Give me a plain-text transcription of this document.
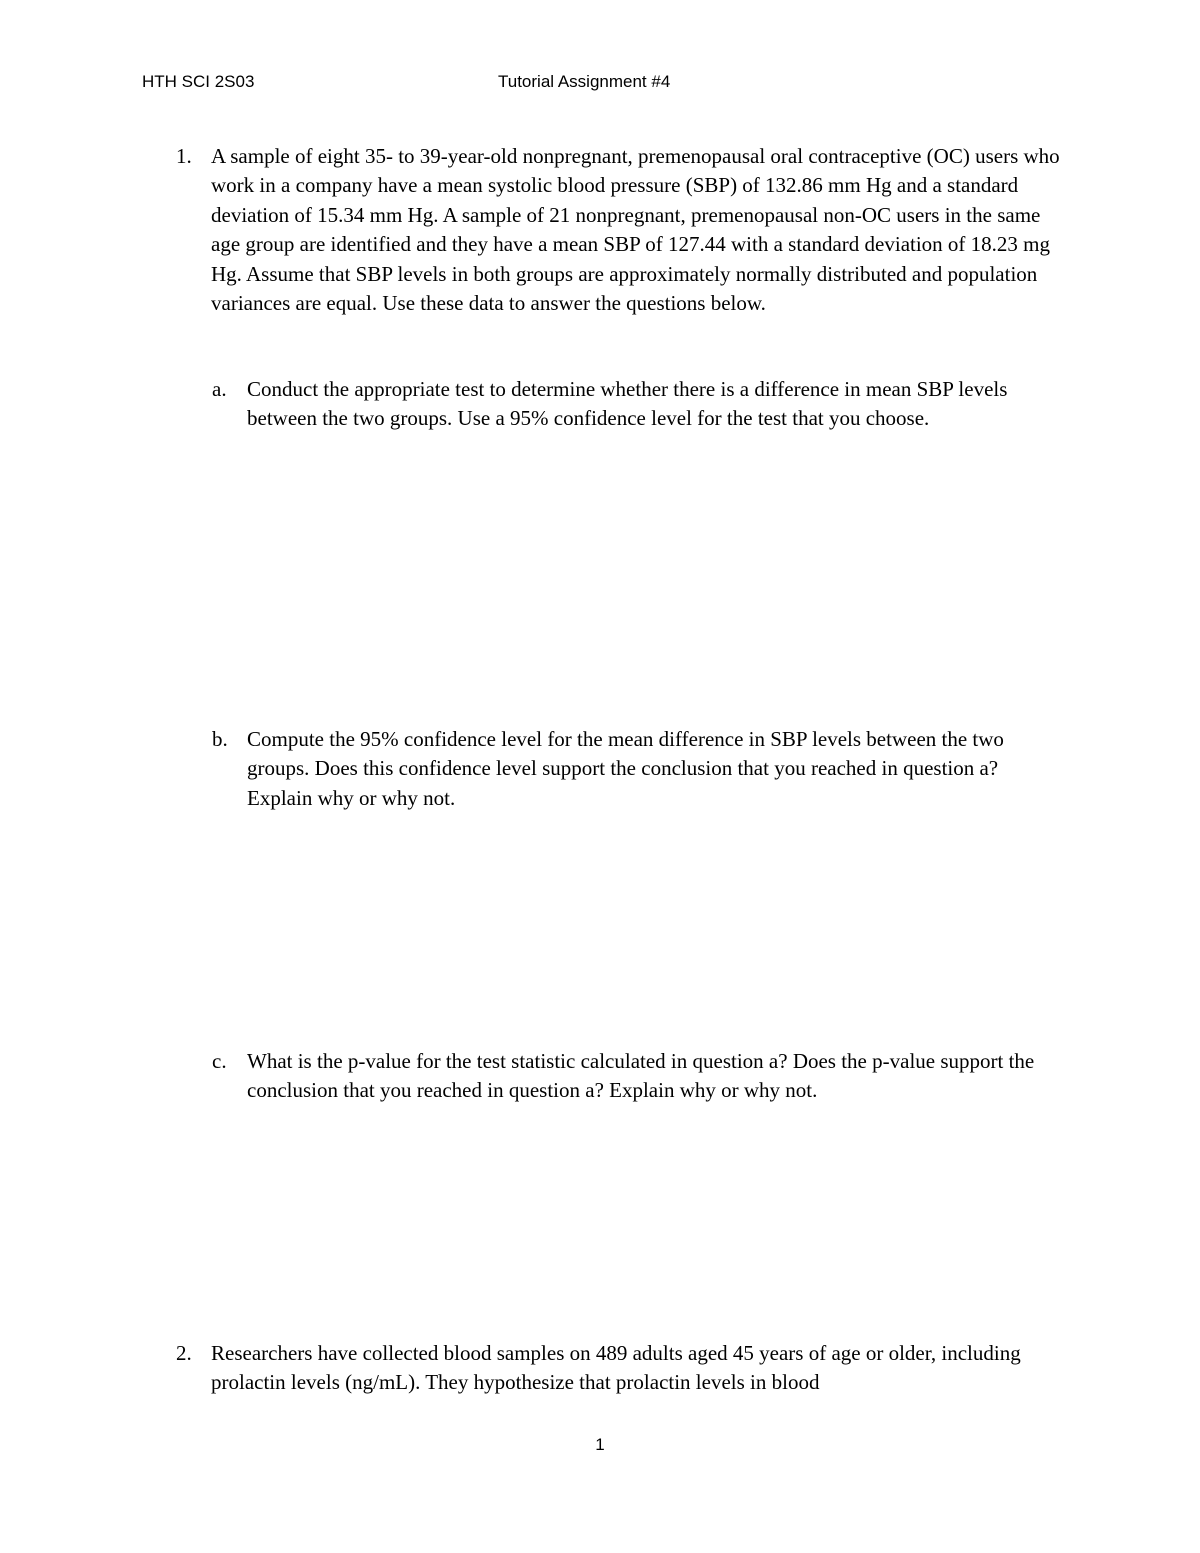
HTH SCI 2S03	Tutorial Assignment #4
1. A sample of eight 35- to 39-year-old nonpregnant, premenopausal oral contraceptive (OC) users who work in a company have a mean systolic blood pressure (SBP) of 132.86 mm Hg and a standard deviation of 15.34 mm Hg. A sample of 21 nonpregnant, premenopausal non-OC users in the same age group are identified and they have a mean SBP of 127.44 with a standard deviation of 18.23 mg Hg. Assume that SBP levels in both groups are approximately normally distributed and population variances are equal. Use these data to answer the questions below.
a. Conduct the appropriate test to determine whether there is a difference in mean SBP levels between the two groups. Use a 95% confidence level for the test that you choose.
b. Compute the 95% confidence level for the mean difference in SBP levels between the two groups. Does this confidence level support the conclusion that you reached in question a? Explain why or why not.
c. What is the p-value for the test statistic calculated in question a? Does the p-value support the conclusion that you reached in question a? Explain why or why not.
2. Researchers have collected blood samples on 489 adults aged 45 years of age or older, including prolactin levels (ng/mL). They hypothesize that prolactin levels in blood
1
